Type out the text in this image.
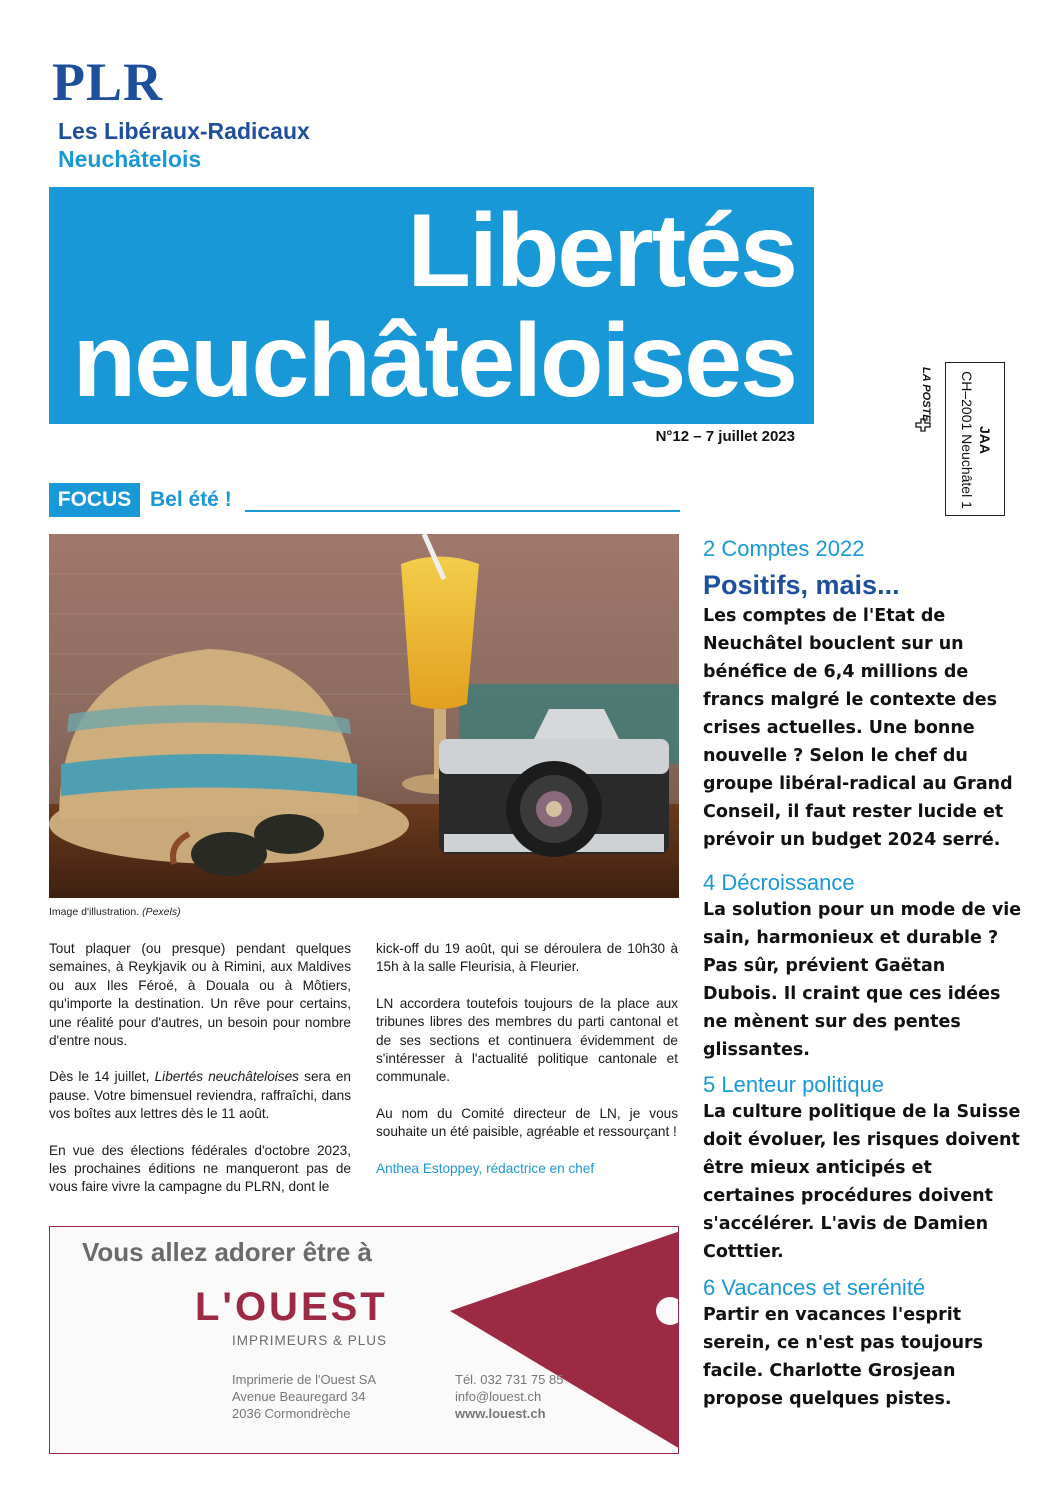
PLR
Les Libéraux-Radicaux
Neuchâtelois
Libertés
neuchâteloises
N°12 – 7 juillet 2023
LA POSTE
JAA
CH–2001 Neuchâtel 1
FOCUS Bel été !
Image d'illustration. (Pexels)

Tout plaquer (ou presque) pendant quelques semaines, à Reykjavik ou à Rimini, aux Maldives ou aux Iles Féroé, à Douala ou à Môtiers, qu'importe la destination. Un rêve pour certains, une réalité pour d'autres, un besoin pour nombre d'entre nous.

Dès le 14 juillet, Libertés neuchâteloises sera en pause. Votre bimensuel reviendra, raffraîchi, dans vos boîtes aux lettres dès le 11 août.

En vue des élections fédérales d'octobre 2023, les prochaines éditions ne manqueront pas de vous faire vivre la campagne du PLRN, dont le

kick-off du 19 août, qui se déroulera de 10h30 à 15h à la salle Fleurisia, à Fleurier.

LN accordera toutefois toujours de la place aux tribunes libres des membres du parti cantonal et de ses sections et continuera évidemment de s'intéresser à l'actualité politique cantonale et communale.

Au nom du Comité directeur de LN, je vous souhaite un été paisible, agréable et ressourçant !

Anthea Estoppey, rédactrice en chef

Vous allez adorer être à
L'OUEST
IMPRIMEURS & PLUS
Imprimerie de l'Ouest SA
Avenue Beauregard 34
2036 Cormondrèche
Tél. 032 731 75 85
info@louest.ch
www.louest.ch
2 Comptes 2022
Positifs, mais...
Les comptes de l'Etat de Neuchâtel bouclent sur un bénéfice de 6,4 millions de francs malgré le contexte des crises actuelles. Une bonne nouvelle ? Selon le chef du groupe libéral-radical au Grand Conseil, il faut rester lucide et prévoir un budget 2024 serré.
4 Décroissance
La solution pour un mode de vie sain, harmonieux et durable ? Pas sûr, prévient Gaëtan Dubois. Il craint que ces idées ne mènent sur des pentes glissantes.
5 Lenteur politique
La culture politique de la Suisse doit évoluer, les risques doivent être mieux anticipés et certaines procédures doivent s'accélérer. L'avis de Damien Cotttier.
6 Vacances et serénité
Partir en vacances l'esprit serein, ce n'est pas toujours facile. Charlotte Grosjean propose quelques pistes.
